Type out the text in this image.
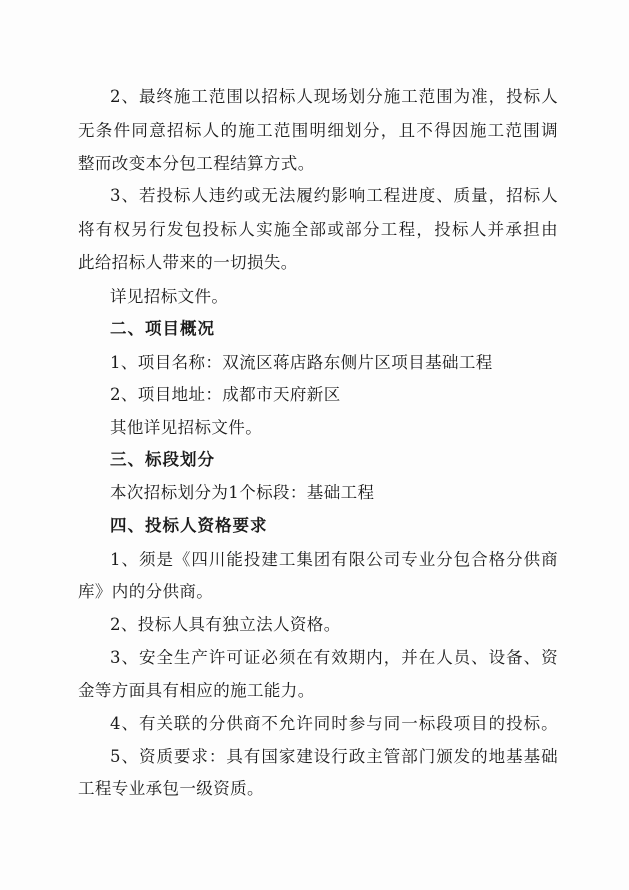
2、最终施工范围以招标人现场划分施工范围为准，投标人
无条件同意招标人的施工范围明细划分，且不得因施工范围调
整而改变本分包工程结算方式。
3、若投标人违约或无法履约影响工程进度、质量，招标人
将有权另行发包投标人实施全部或部分工程，投标人并承担由
此给招标人带来的一切损失。
详见招标文件。
二、项目概况
1、项目名称：双流区蒋店路东侧片区项目基础工程
2、项目地址：成都市天府新区
其他详见招标文件。
三、标段划分
本次招标划分为1个标段：基础工程
四、投标人资格要求
1、须是《四川能投建工集团有限公司专业分包合格分供商
库》内的分供商。
2、投标人具有独立法人资格。
3、安全生产许可证必须在有效期内，并在人员、设备、资
金等方面具有相应的施工能力。
4、有关联的分供商不允许同时参与同一标段项目的投标。
5、资质要求：具有国家建设行政主管部门颁发的地基基础
工程专业承包一级资质。
